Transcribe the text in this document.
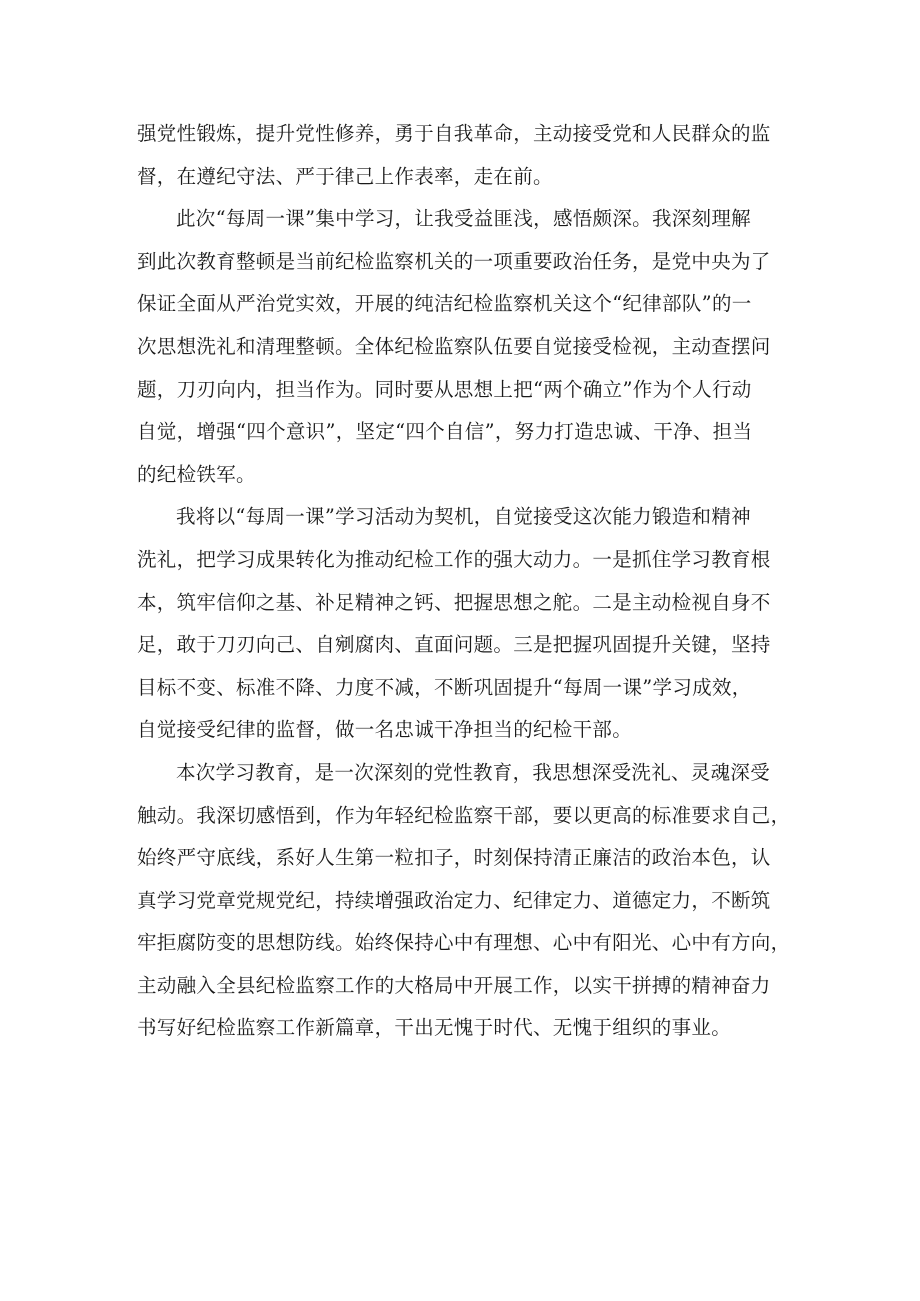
强党性锻炼，提升党性修养，勇于自我革命，主动接受党和人民群众的监
督，在遵纪守法、严于律己上作表率，走在前。

此次“每周一课”集中学习，让我受益匪浅，感悟颇深。我深刻理解
到此次教育整顿是当前纪检监察机关的一项重要政治任务，是党中央为了
保证全面从严治党实效，开展的纯洁纪检监察机关这个“纪律部队”的一
次思想洗礼和清理整顿。全体纪检监察队伍要自觉接受检视，主动查摆问
题，刀刃向内，担当作为。同时要从思想上把“两个确立”作为个人行动
自觉，增强“四个意识”，坚定“四个自信”，努力打造忠诚、干净、担当
的纪检铁军。

我将以“每周一课”学习活动为契机，自觉接受这次能力锻造和精神
洗礼，把学习成果转化为推动纪检工作的强大动力。一是抓住学习教育根
本，筑牢信仰之基、补足精神之钙、把握思想之舵。二是主动检视自身不
足，敢于刀刃向己、自剜腐肉、直面问题。三是把握巩固提升关键，坚持
目标不变、标准不降、力度不减，不断巩固提升“每周一课”学习成效，
自觉接受纪律的监督，做一名忠诚干净担当的纪检干部。

本次学习教育，是一次深刻的党性教育，我思想深受洗礼、灵魂深受
触动。我深切感悟到，作为年轻纪检监察干部，要以更高的标准要求自己，
始终严守底线，系好人生第一粒扣子，时刻保持清正廉洁的政治本色，认
真学习党章党规党纪，持续增强政治定力、纪律定力、道德定力，不断筑
牢拒腐防变的思想防线。始终保持心中有理想、心中有阳光、心中有方向，
主动融入全县纪检监察工作的大格局中开展工作，以实干拼搏的精神奋力
书写好纪检监察工作新篇章，干出无愧于时代、无愧于组织的事业。
